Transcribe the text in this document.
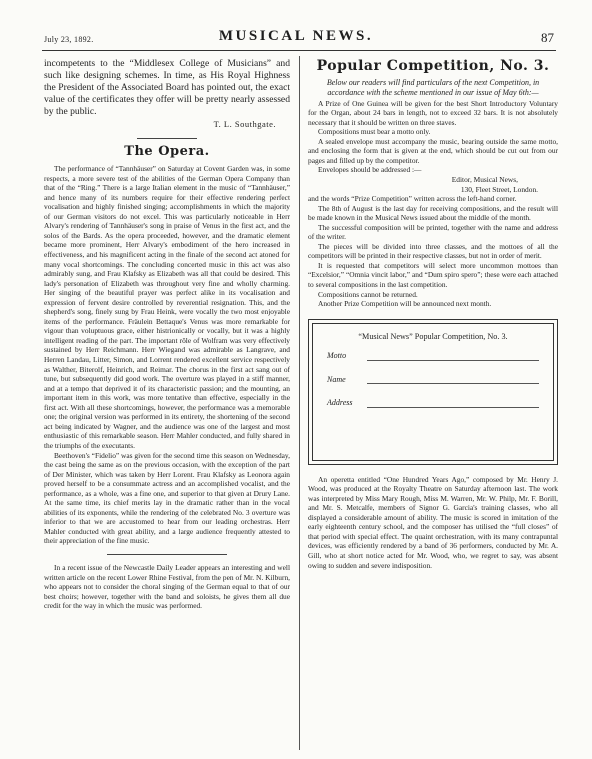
July 23, 1892.	MUSICAL NEWS.	87

incompetents to the “Middlesex College of Musicians” and such like designing schemes. In time, as His Royal Highness the President of the Associated Board has pointed out, the exact value of the certificates they offer will be pretty nearly assessed by the public.

T. L. Southgate.
The Opera.

The performance of “Tannhäuser” on Saturday at Covent Garden was, in some respects, a more severe test of the abilities of the German Opera Company than that of the “Ring.” There is a large Italian element in the music of “Tannhäuser,” and hence many of its numbers require for their effective rendering perfect vocalisation and highly finished singing; accomplishments in which the majority of our German visitors do not excel. This was particularly noticeable in Herr Alvary's rendering of Tannhäuser's song in praise of Venus in the first act, and the solos of the Bards. As the opera proceeded, however, and the dramatic element became more prominent, Herr Alvary's embodiment of the hero increased in effectiveness, and his magnificent acting in the finale of the second act atoned for many vocal shortcomings. The concluding concerted music in this act was also admirably sung, and Frau Klafsky as Elizabeth was all that could be desired. This lady's personation of Elizabeth was throughout very fine and wholly charming. Her singing of the beautiful prayer was perfect alike in its vocalisation and expression of fervent desire controlled by reverential resignation. This, and the shepherd's song, finely sung by Frau Heink, were vocally the two most enjoyable items of the performance. Fräulein Bettaque's Venus was more remarkable for vigour than voluptuous grace, either histrionically or vocally, but it was a highly intelligent reading of the part. The important rôle of Wolfram was very effectively sustained by Herr Reichmann. Herr Wiegand was admirable as Langrave, and Herren Landau, Litter, Simon, and Lorrent rendered excellent service respectively as Walther, Biterolf, Heinrich, and Reimar. The chorus in the first act sang out of tune, but subsequently did good work. The overture was played in a stiff manner, and at a tempo that deprived it of its characteristic passion; and the mounting, an important item in this work, was more tentative than effective, especially in the first act. With all these shortcomings, however, the performance was a memorable one; the original version was performed in its entirety, the shortening of the second act being indicated by Wagner, and the audience was one of the largest and most enthusiastic of this remarkable season. Herr Mahler conducted, and fully shared in the triumphs of the executants.

Beethoven's “Fidelio” was given for the second time this season on Wednesday, the cast being the same as on the previous occasion, with the exception of the part of Der Minister, which was taken by Herr Lorent. Frau Klafsky as Leonora again proved herself to be a consummate actress and an accomplished vocalist, and the performance, as a whole, was a fine one, and superior to that given at Drury Lane. At the same time, its chief merits lay in the dramatic rather than in the vocal abilities of its exponents, while the rendering of the celebrated No. 3 overture was inferior to that we are accustomed to hear from our leading orchestras. Herr Mahler conducted with great ability, and a large audience frequently attested to their appreciation of the fine music.

In a recent issue of the Newcastle Daily Leader appears an interesting and well written article on the recent Lower Rhine Festival, from the pen of Mr. N. Kilburn, who appears not to consider the choral singing of the German equal to that of our best choirs; however, together with the band and soloists, he gives them all due credit for the way in which the music was performed.

Popular Competition, No. 3.

Below our readers will find particulars of the next Competition, in accordance with the scheme mentioned in our issue of May 6th:—

A Prize of One Guinea will be given for the best Short Introductory Voluntary for the Organ, about 24 bars in length, not to exceed 32 bars. It is not absolutely necessary that it should be written on three staves.

Compositions must bear a motto only.

A sealed envelope must accompany the music, bearing outside the same motto, and enclosing the form that is given at the end, which should be cut out from our pages and filled up by the competitor.

Envelopes should be addressed :—

Editor, Musical News,
130, Fleet Street, London.

and the words “Prize Competition” written across the left-hand corner.

The 8th of August is the last day for receiving compositions, and the result will be made known in the Musical News issued about the middle of the month.

The successful composition will be printed, together with the name and address of the writer.

The pieces will be divided into three classes, and the mottoes of all the competitors will be printed in their respective classes, but not in order of merit.

It is requested that competitors will select more uncommon mottoes than “Excelsior,” “Omnia vincit labor,” and “Dum spiro spero”; these were each attached to several compositions in the last competition.

Compositions cannot be returned.

Another Prize Competition will be announced next month.

“Musical News” Popular Competition, No. 3.
Motto
Name
Address

An operetta entitled “One Hundred Years Ago,” composed by Mr. Henry J. Wood, was produced at the Royalty Theatre on Saturday afternoon last. The work was interpreted by Miss Mary Rough, Miss M. Warren, Mr. W. Philp, Mr. F. Borill, and Mr. S. Metcalfe, members of Signor G. Garcia's training classes, who all displayed a considerable amount of ability. The music is scored in imitation of the early eighteenth century school, and the composer has utilised the “full closes” of that period with special effect. The quaint orchestration, with its many contrapuntal devices, was efficiently rendered by a band of 36 performers, conducted by Mr. A. Gill, who at short notice acted for Mr. Wood, who, we regret to say, was absent owing to sudden and severe indisposition.
